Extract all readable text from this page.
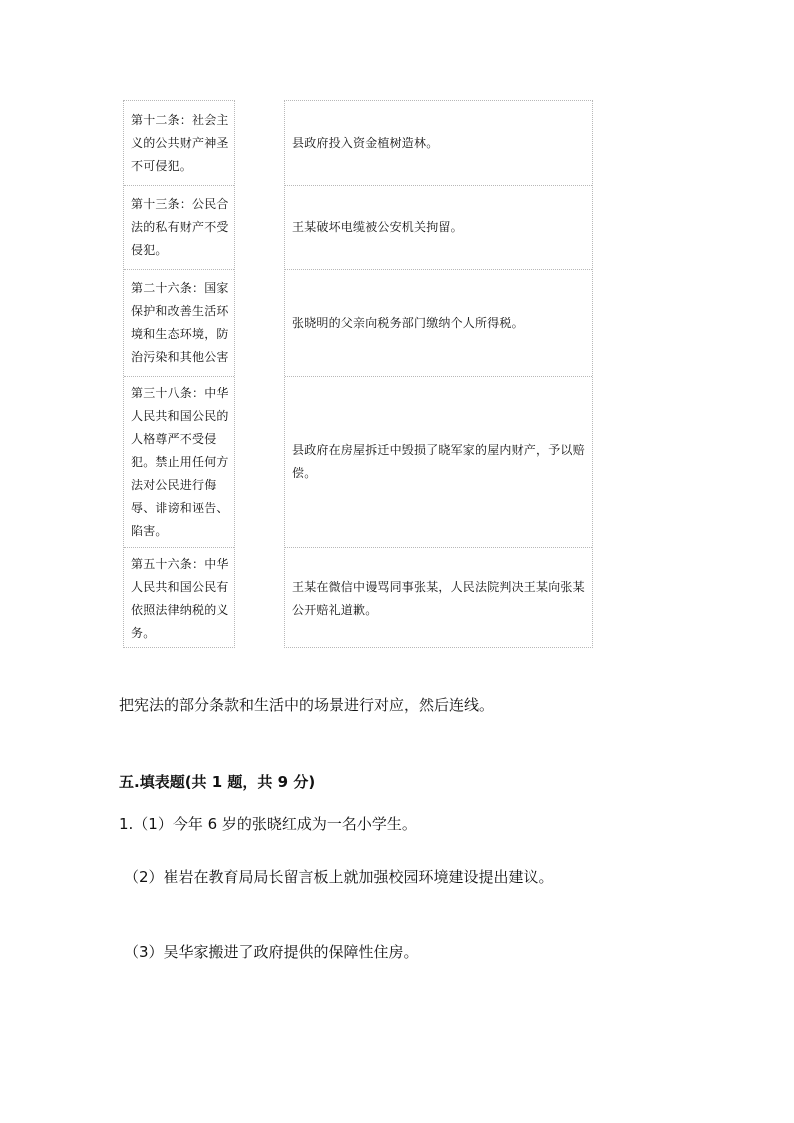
第十二条：社会主义的公共财产神圣不可侵犯。
第十三条：公民合法的私有财产不受侵犯。
第二十六条：国家保护和改善生活环境和生态环境，防治污染和其他公害
第三十八条：中华人民共和国公民的人格尊严不受侵犯。禁止用任何方法对公民进行侮辱、诽谤和诬告、陷害。
第五十六条：中华人民共和国公民有依照法律纳税的义务。
县政府投入资金植树造林。
王某破坏电缆被公安机关拘留。
张晓明的父亲向税务部门缴纳个人所得税。
县政府在房屋拆迁中毁损了晓军家的屋内财产，予以赔偿。
王某在微信中谩骂同事张某，人民法院判决王某向张某公开赔礼道歉。
把宪法的部分条款和生活中的场景进行对应，然后连线。
五.填表题(共 1 题，共 9 分)
1.（1）今年 6 岁的张晓红成为一名小学生。
（2）崔岩在教育局局长留言板上就加强校园环境建设提出建议。
（3）吴华家搬进了政府提供的保障性住房。
